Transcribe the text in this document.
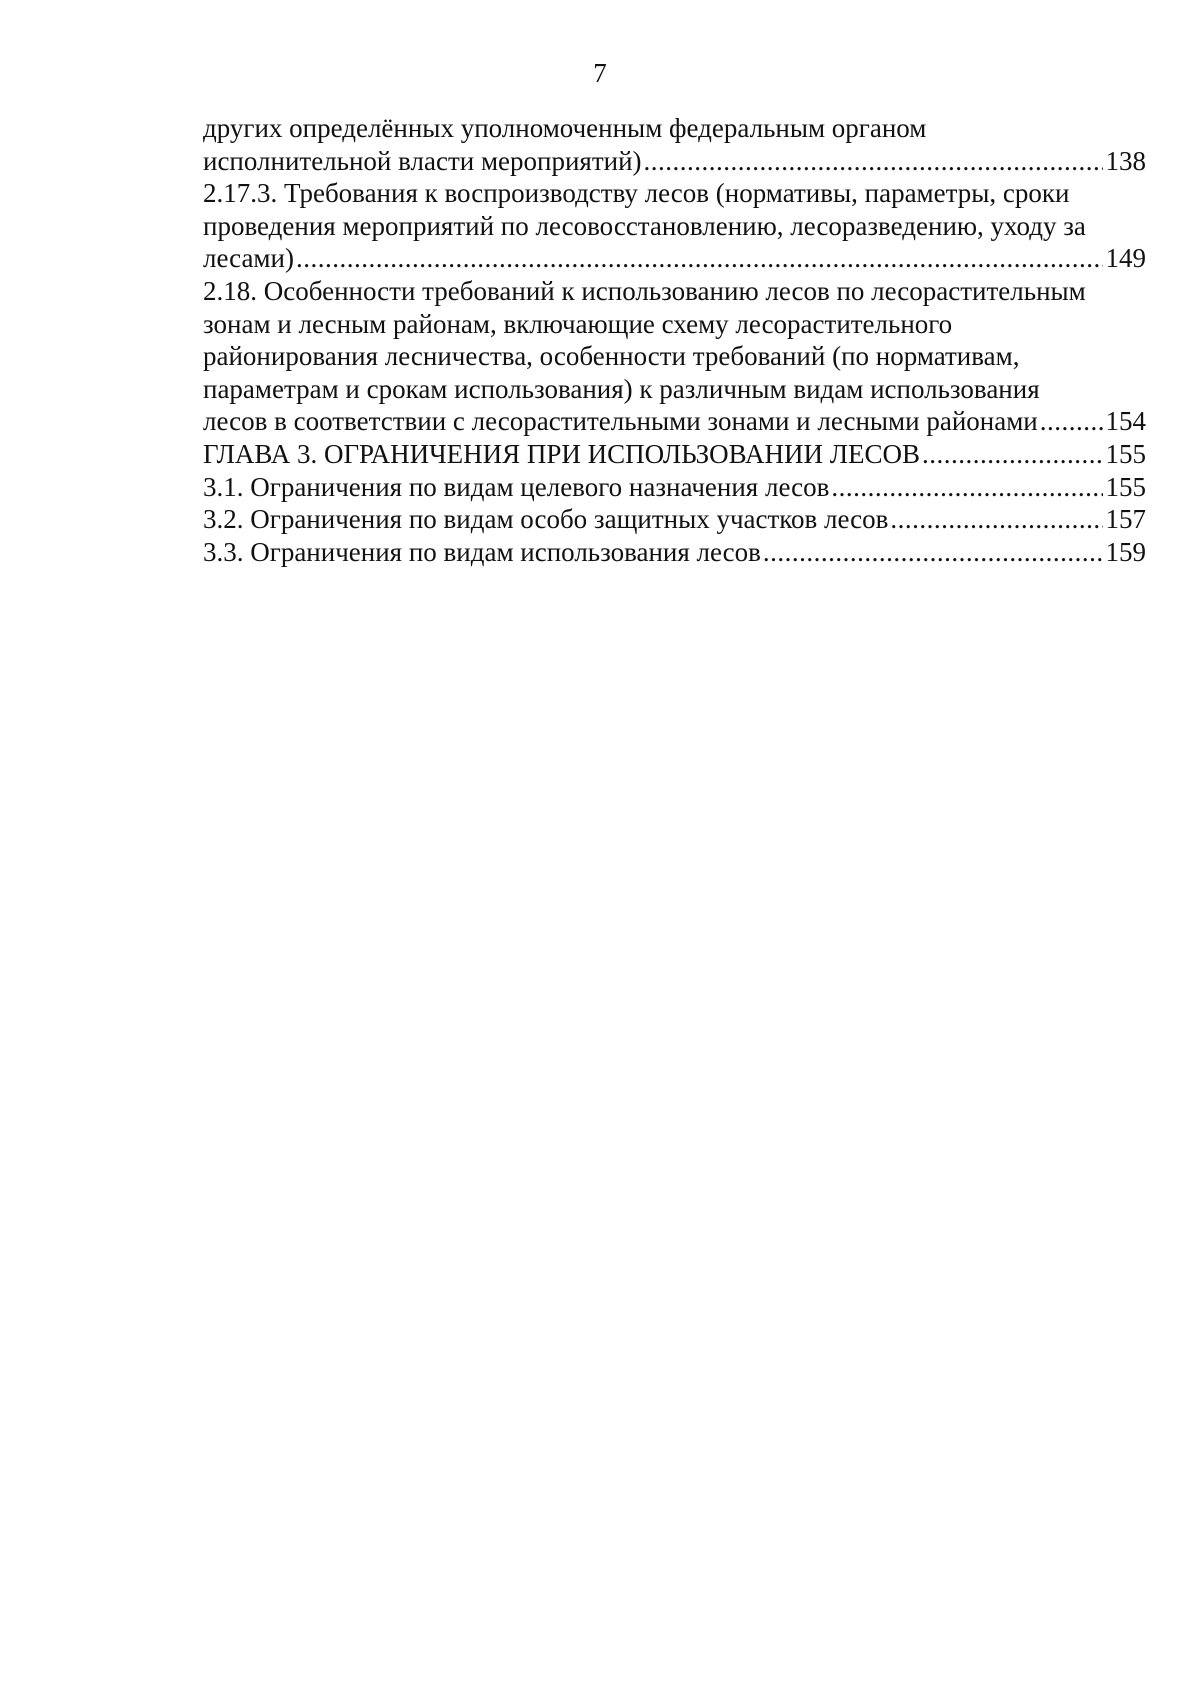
7
других определённых уполномоченным федеральным органом
исполнительной власти мероприятий) .....	138
2.17.3. Требования к воспроизводству лесов (нормативы, параметры, сроки
проведения мероприятий по лесовосстановлению, лесоразведению, уходу за
лесами) .....	149
2.18. Особенности требований к использованию лесов по лесорастительным
зонам и лесным районам, включающие схему лесорастительного
районирования лесничества, особенности требований (по нормативам,
параметрам и срокам использования) к различным видам использования
лесов в соответствии с лесорастительными зонами и лесными районами .....	154
ГЛАВА 3. ОГРАНИЧЕНИЯ ПРИ ИСПОЛЬЗОВАНИИ ЛЕСОВ .....	155
3.1. Ограничения по видам целевого назначения лесов .....	155
3.2. Ограничения по видам особо защитных участков лесов .....	157
3.3. Ограничения по видам использования лесов .....	159
